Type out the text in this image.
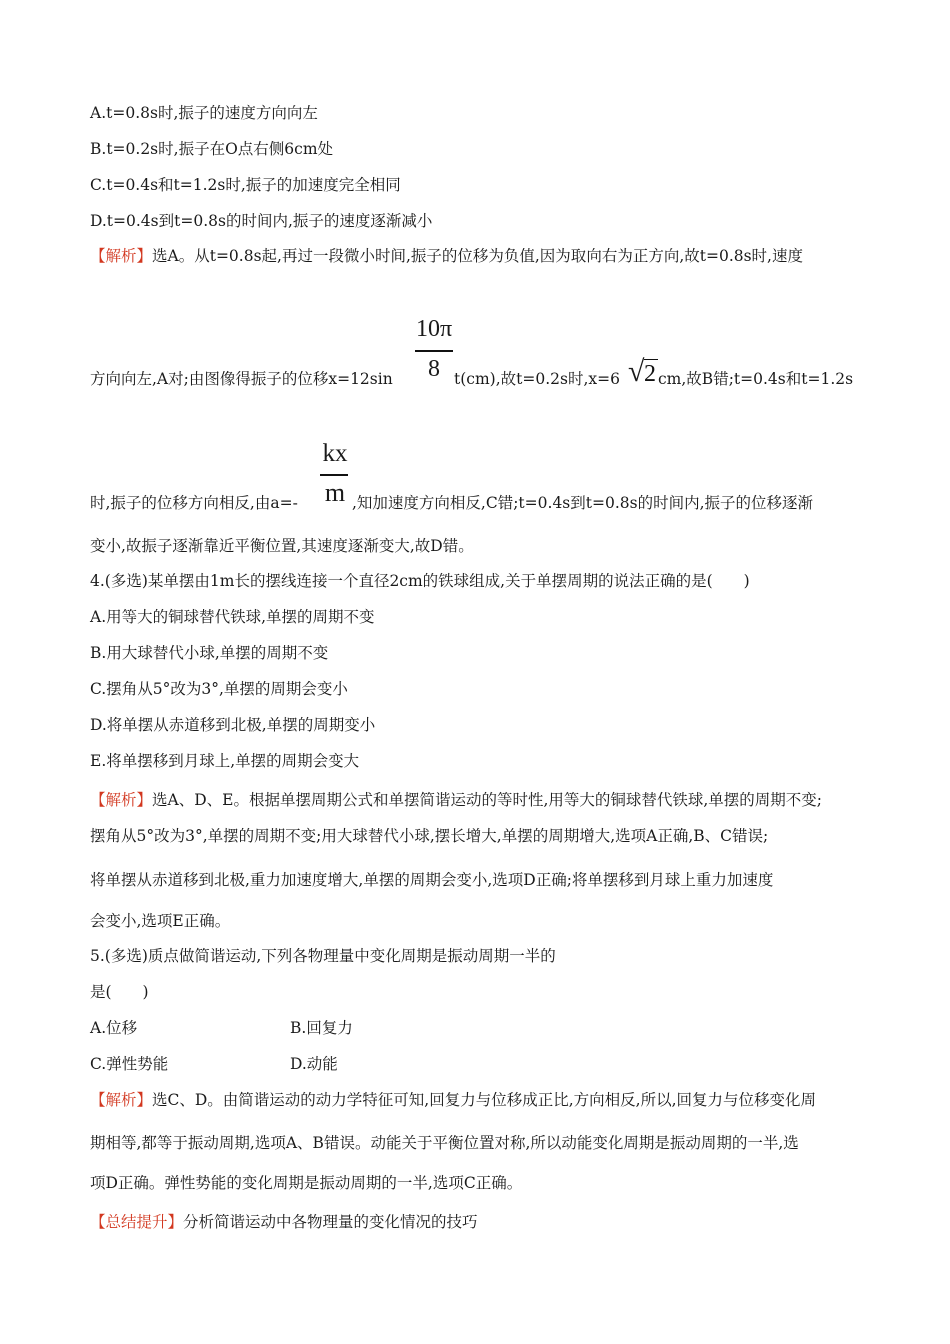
A.t=0.8s时,振子的速度方向向左
B.t=0.2s时,振子在O点右侧6cm处
C.t=0.4s和t=1.2s时,振子的加速度完全相同
D.t=0.4s到t=0.8s的时间内,振子的速度逐渐减小
【解析】选A。从t=0.8s起,再过一段微小时间,振子的位移为负值,因为取向右为正方向,故t=0.8s时,速度
方向向左,A对;由图像得振子的位移x=12sin
10π
8 t(cm),故t=0.2s时,x=6 √ 2 cm,故B错;t=0.4s和t=1.2s
时,振子的位移方向相反,由a=-
kx
m ,知加速度方向相反,C错;t=0.4s到t=0.8s的时间内,振子的位移逐渐
变小,故振子逐渐靠近平衡位置,其速度逐渐变大,故D错。
4.(多选)某单摆由1m长的摆线连接一个直径2cm的铁球组成,关于单摆周期的说法正确的是(　　)
A.用等大的铜球替代铁球,单摆的周期不变
B.用大球替代小球,单摆的周期不变
C.摆角从5°改为3°,单摆的周期会变小
D.将单摆从赤道移到北极,单摆的周期变小
E.将单摆移到月球上,单摆的周期会变大
【解析】选A、D、E。根据单摆周期公式和单摆简谐运动的等时性,用等大的铜球替代铁球,单摆的周期不变;
摆角从5°改为3°,单摆的周期不变;用大球替代小球,摆长增大,单摆的周期增大,选项A正确,B、C错误;
将单摆从赤道移到北极,重力加速度增大,单摆的周期会变小,选项D正确;将单摆移到月球上重力加速度
会变小,选项E正确。
5.(多选)质点做简谐运动,下列各物理量中变化周期是振动周期一半的
是(　　)
A.位移	B.回复力
C.弹性势能	D.动能
【解析】选C、D。由简谐运动的动力学特征可知,回复力与位移成正比,方向相反,所以,回复力与位移变化周
期相等,都等于振动周期,选项A、B错误。动能关于平衡位置对称,所以动能变化周期是振动周期的一半,选
项D正确。弹性势能的变化周期是振动周期的一半,选项C正确。
【总结提升】分析简谐运动中各物理量的变化情况的技巧
